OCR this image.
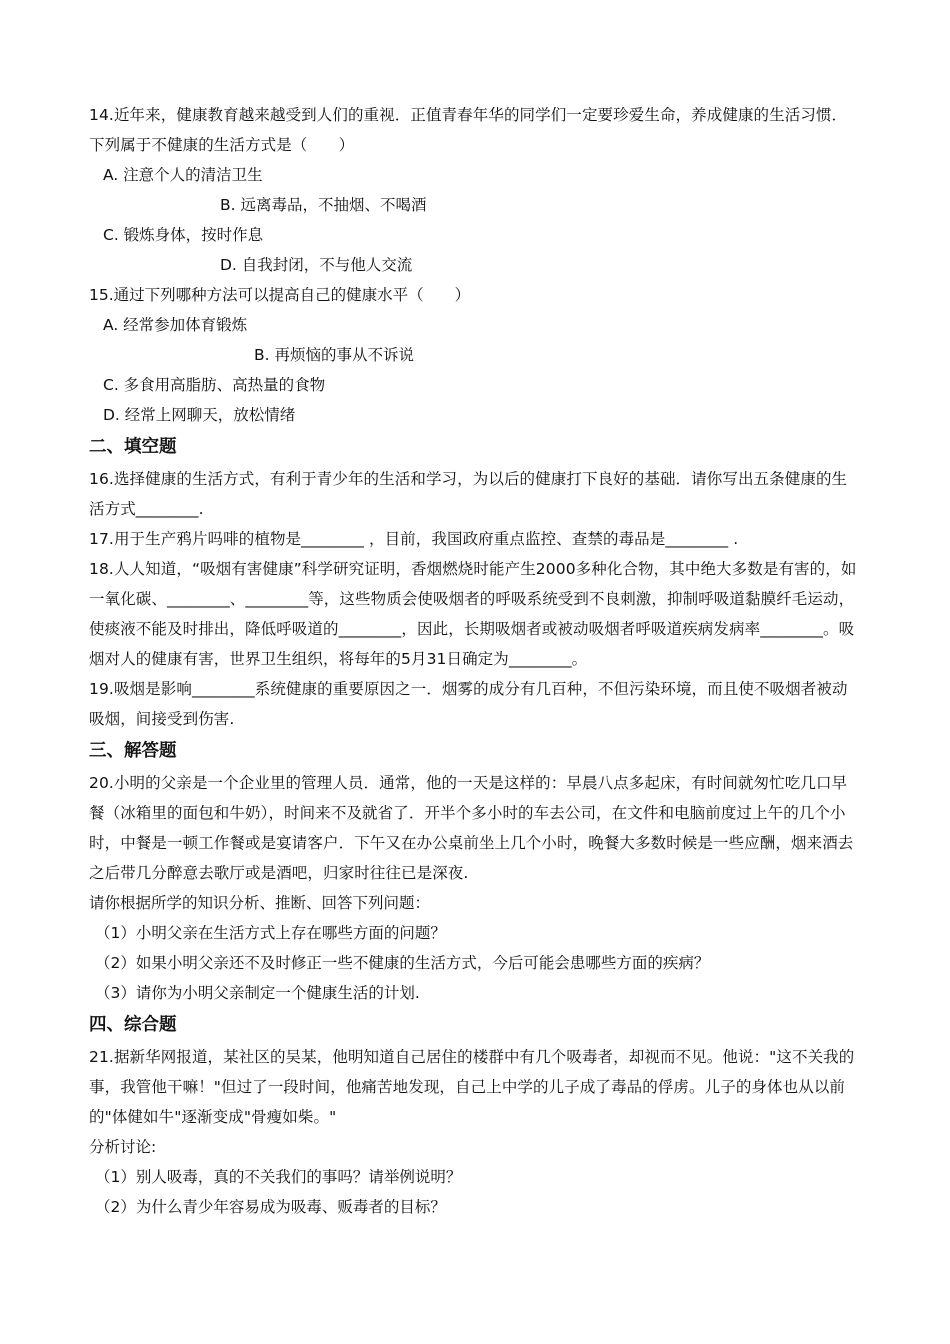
14.近年来，健康教育越来越受到人们的重视．正值青春年华的同学们一定要珍爱生命，养成健康的生活习惯．下列属于不健康的生活方式是（　　）

A. 注意个人的清洁卫生

B. 远离毒品，不抽烟、不喝酒

C. 锻炼身体，按时作息

D. 自我封闭，不与他人交流

15.通过下列哪种方法可以提高自己的健康水平（　　）

A. 经常参加体育锻炼

B. 再烦恼的事从不诉说

C. 多食用高脂肪、高热量的食物

D. 经常上网聊天，放松情绪

二、填空题

16.选择健康的生活方式，有利于青少年的生活和学习，为以后的健康打下良好的基础．请你写出五条健康的生活方式________.

17.用于生产鸦片吗啡的植物是________ ，目前，我国政府重点监控、查禁的毒品是________ .

18.人人知道，“吸烟有害健康”科学研究证明，香烟燃烧时能产生2000多种化合物，其中绝大多数是有害的，如一氧化碳、________、________等，这些物质会使吸烟者的呼吸系统受到不良刺激，抑制呼吸道黏膜纤毛运动，使痰液不能及时排出，降低呼吸道的________，因此，长期吸烟者或被动吸烟者呼吸道疾病发病率________。吸烟对人的健康有害，世界卫生组织，将每年的5月31日确定为________。

19.吸烟是影响________系统健康的重要原因之一．烟雾的成分有几百种，不但污染环境，而且使不吸烟者被动吸烟，间接受到伤害.

三、解答题

20.小明的父亲是一个企业里的管理人员．通常，他的一天是这样的：早晨八点多起床，有时间就匆忙吃几口早餐（冰箱里的面包和牛奶），时间来不及就省了．开半个多小时的车去公司，在文件和电脑前度过上午的几个小时，中餐是一顿工作餐或是宴请客户．下午又在办公桌前坐上几个小时，晚餐大多数时候是一些应酬，烟来酒去之后带几分醉意去歌厅或是酒吧，归家时往往已是深夜.

请你根据所学的知识分析、推断、回答下列问题：

（1）小明父亲在生活方式上存在哪些方面的问题？

（2）如果小明父亲还不及时修正一些不健康的生活方式，今后可能会患哪些方面的疾病？

（3）请你为小明父亲制定一个健康生活的计划.

四、综合题

21.据新华网报道，某社区的吴某，他明知道自己居住的楼群中有几个吸毒者，却视而不见。他说："这不关我的事，我管他干嘛！"但过了一段时间，他痛苦地发现，自己上中学的儿子成了毒品的俘虏。儿子的身体也从以前的"体健如牛"逐渐变成"骨瘦如柴。"

分析讨论:

（1）别人吸毒，真的不关我们的事吗？请举例说明？

（2）为什么青少年容易成为吸毒、贩毒者的目标？
